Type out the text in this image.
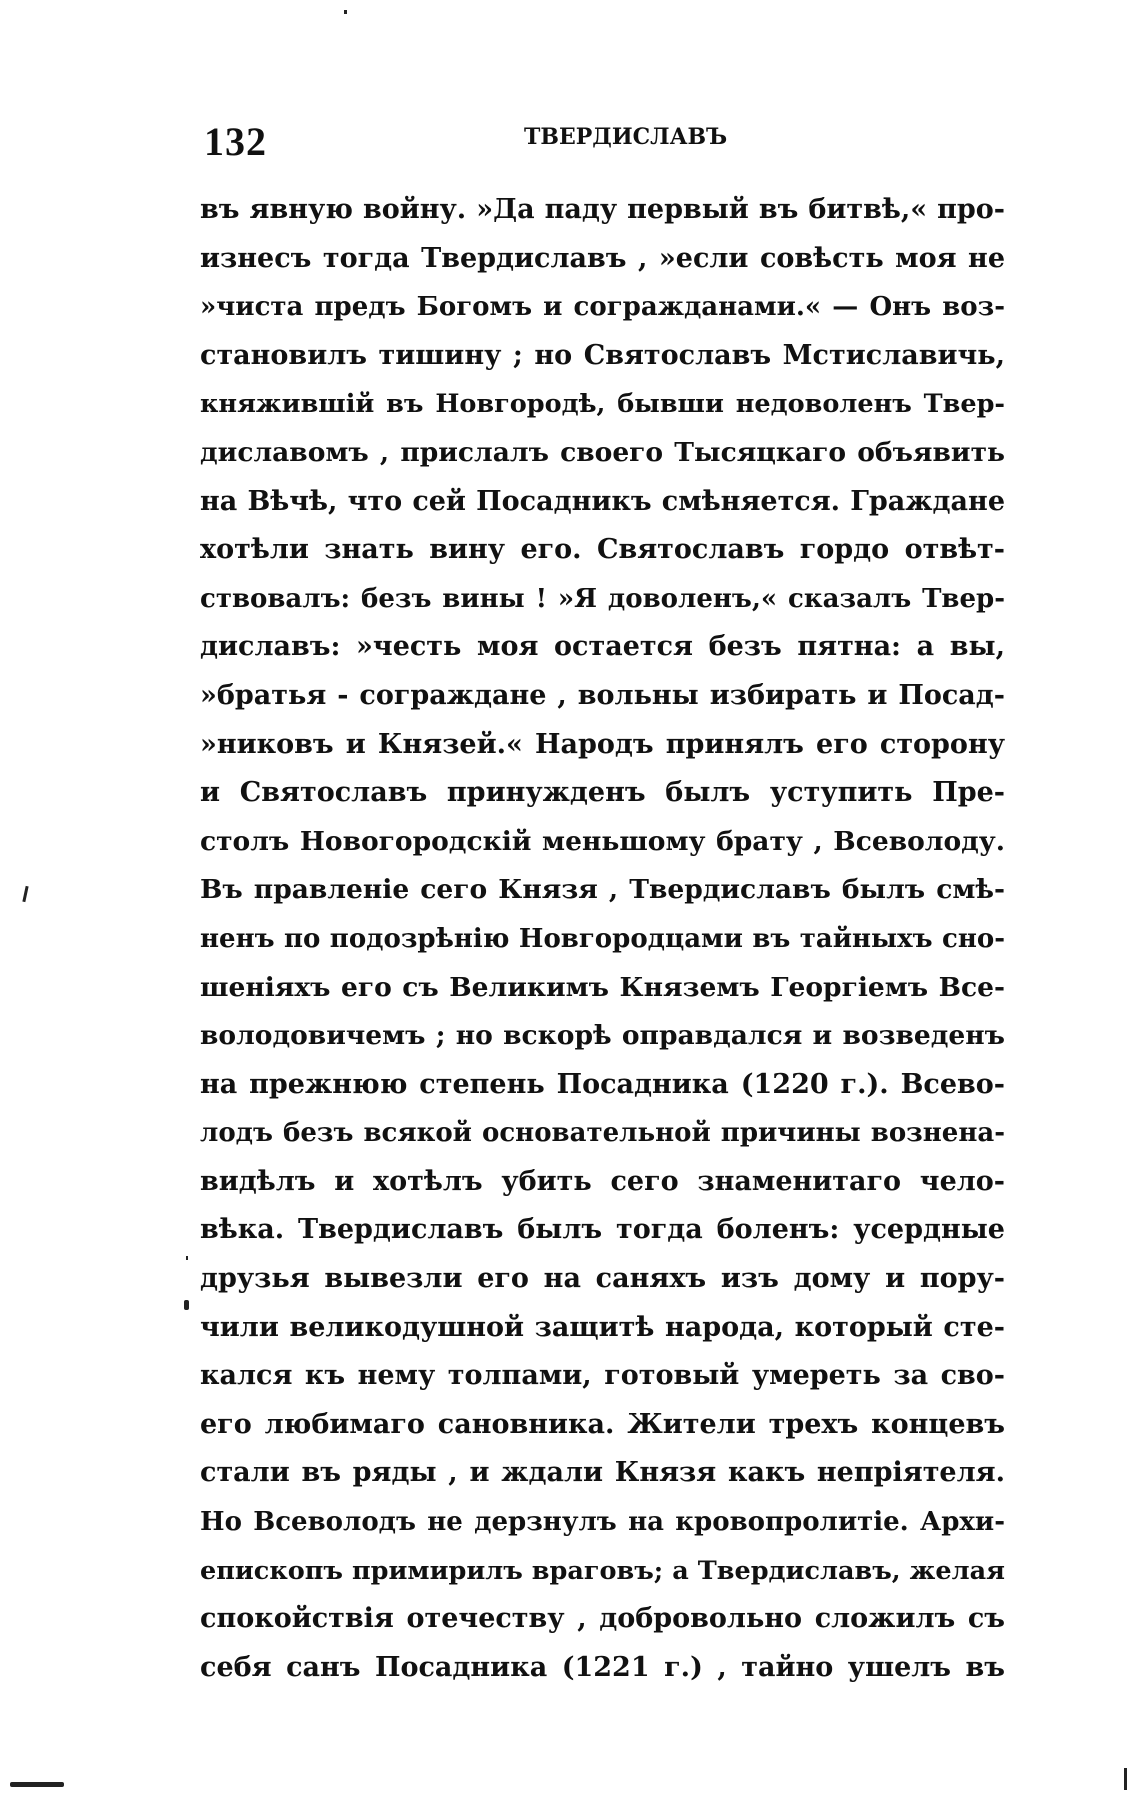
132	ТВЕРДИСЛАВЪ
въ явную войну. »Да паду первый въ битвѣ,« про-
изнесъ тогда Твердиславъ , »если совѣсть моя не
»чиста предъ Богомъ и согражданами.« — Онъ воз-
становилъ тишину ; но Святославъ Мстиславичь,
княжившій въ Новгородѣ, бывши недоволенъ Твер-
диславомъ , прислалъ своего Тысяцкаго объявить
на Вѣчѣ, что сей Посадникъ смѣняется. Граждане
хотѣли знать вину его. Святославъ гордо отвѣт-
ствовалъ: безъ вины ! »Я доволенъ,« сказалъ Твер-
диславъ: »честь моя остается безъ пятна: а вы,
»братья - сограждане , вольны избирать и Посад-
»никовъ и Князей.« Народъ принялъ его сторону
и Святославъ принужденъ былъ уступить Пре-
столъ Новогородскій меньшому брату , Всеволоду.
Въ правленіе сего Князя , Твердиславъ былъ смѣ-
ненъ по подозрѣнію Новгородцами въ тайныхъ сно-
шеніяхъ его съ Великимъ Княземъ Георгіемъ Все-
володовичемъ ; но вскорѣ оправдался и возведенъ
на прежнюю степень Посадника (1220 г.). Всево-
лодъ безъ всякой основательной причины вознена-
видѣлъ и хотѣлъ убить сего знаменитаго чело-
вѣка. Твердиславъ былъ тогда боленъ: усердные
друзья вывезли его на саняхъ изъ дому и пору-
чили великодушной защитѣ народа, который сте-
кался къ нему толпами, готовый умереть за сво-
его любимаго сановника. Жители трехъ концевъ
стали въ ряды , и ждали Князя какъ непріятеля.
Но Всеволодъ не дерзнулъ на кровопролитіе. Архи-
епископъ примирилъ враговъ; а Твердиславъ, желая
спокойствія отечеству , добровольно сложилъ съ
себя санъ Посадника (1221 г.) , тайно ушелъ въ
